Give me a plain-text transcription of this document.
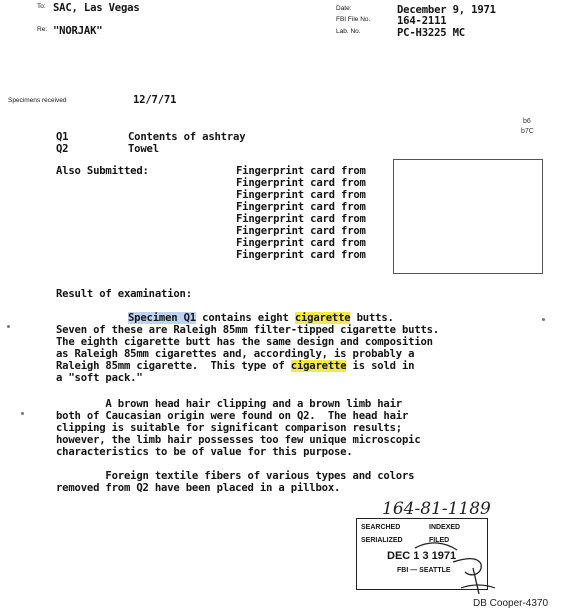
To: SAC, Las Vegas
Re: "NORJAK"
Date:	December 9, 1971
FBI File No.	164-2111
Lab. No.	PC-H3225 MC
Specimens received	12/7/71
b6
b7C
Q1	Contents of ashtray
Q2	Towel
Also Submitted:	Fingerprint card from
Fingerprint card from
Fingerprint card from
Fingerprint card from
Fingerprint card from
Fingerprint card from
Fingerprint card from
Fingerprint card from
Result of examination:
Specimen Q1 contains eight cigarette butts.
Seven of these are Raleigh 85mm filter-tipped cigarette butts.
The eighth cigarette butt has the same design and composition
as Raleigh 85mm cigarettes and, accordingly, is probably a
Raleigh 85mm cigarette.  This type of cigarette is sold in
a "soft pack."
A brown head hair clipping and a brown limb hair
both of Caucasian origin were found on Q2.  The head hair
clipping is suitable for significant comparison results;
however, the limb hair possesses too few unique microscopic
characteristics to be of value for this purpose.
Foreign textile fibers of various types and colors
removed from Q2 have been placed in a pillbox.
164-81-1189
SEARCHED	INDEXED
SERIALIZED	FILED
DEC 1 3 1971
FBI — SEATTLE
DB Cooper-4370
